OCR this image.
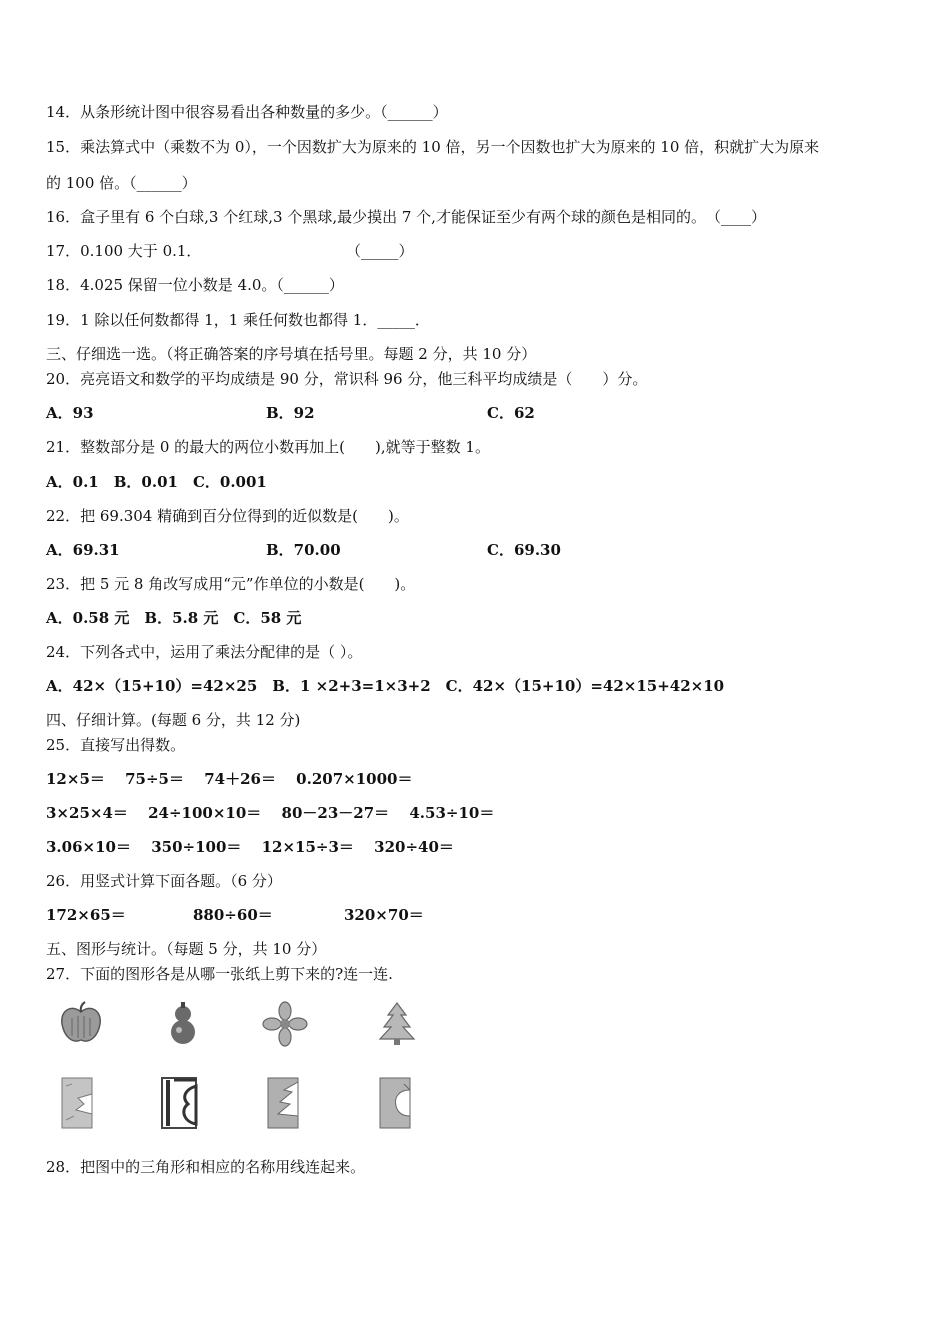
14．从条形统计图中很容易看出各种数量的多少。（______）
15．乘法算式中（乘数不为 0），一个因数扩大为原来的 10 倍，另一个因数也扩大为原来的 10 倍，积就扩大为原来
的 100 倍。（______）
16．盒子里有 6 个白球,3 个红球,3 个黑球,最少摸出 7 个,才能保证至少有两个球的颜色是相同的。　（____）
17．0.100 大于 0.1．	（_____）
18．4.025 保留一位小数是 4.0。（______）
19．1 除以任何数都得 1，1 乘任何数也都得 1．_____．
三、仔细选一选。（将正确答案的序号填在括号里。每题 2 分，共 10 分）
20．亮亮语文和数学的平均成绩是 90 分，常识科 96 分，他三科平均成绩是（　　）分。
A．93	B．92	C．62
21．整数部分是 0 的最大的两位小数再加上(　　),就等于整数 1。
A．0.1　B．0.01　C．0.001
22．把 69.304 精确到百分位得到的近似数是(　　)。
A．69.31	B．70.00	C．69.30
23．把 5 元 8 角改写成用“元”作单位的小数是(　　)。
A．0.58 元　B．5.8 元　C．58 元
24．下列各式中，运用了乘法分配律的是（ ）。
A．42×（15+10）=42×25　B．1 ×2+3=1×3+2　C．42×（15+10）=42×15+42×10
四、仔细计算。(每题 6 分，共 12 分)
25．直接写出得数。
12×5＝　 75÷5＝　 74＋26＝　 0.207×1000＝
3×25×4＝　 24÷100×10＝　 80－23－27＝　 4.53÷10＝
3.06×10＝　 350÷100＝　 12×15÷3＝　 320÷40＝
26．用竖式计算下面各题。（6 分）
172×65＝	880÷60＝	320×70＝
五、图形与统计。（每题 5 分，共 10 分）
27．下面的图形各是从哪一张纸上剪下来的?连一连.
28．把图中的三角形和相应的名称用线连起来。
